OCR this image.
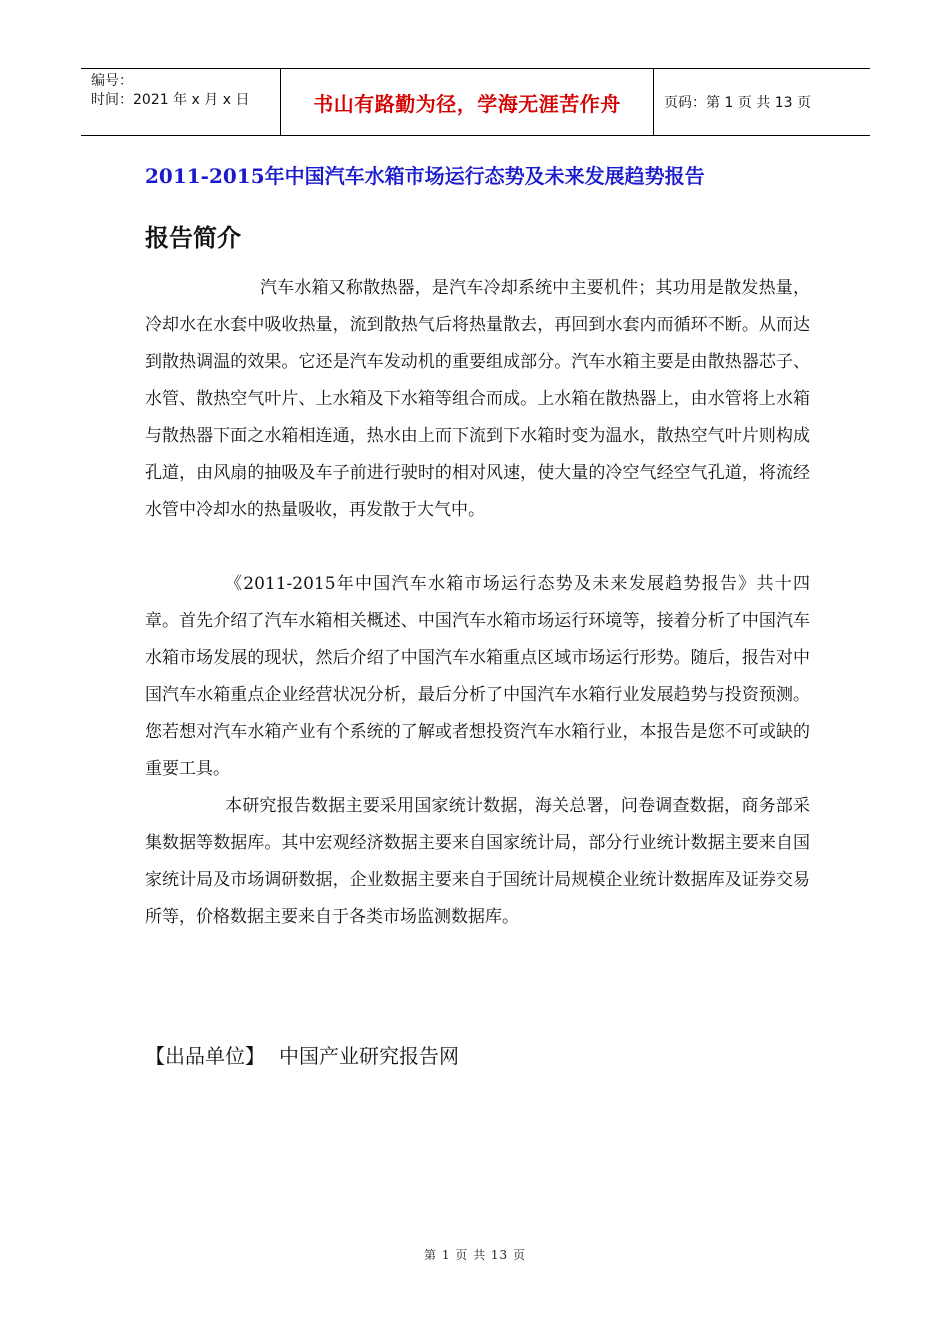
编号：
时间：2021 年 x 月 x 日	书山有路勤为径，学海无涯苦作舟	页码：第 1 页 共 13 页
2011-2015年中国汽车水箱市场运行态势及未来发展趋势报告
报告简介
汽车水箱又称散热器，是汽车冷却系统中主要机件；其功用是散发热量，冷却水在水套中吸收热量，流到散热气后将热量散去，再回到水套内而循环不断。从而达到散热调温的效果。它还是汽车发动机的重要组成部分。汽车水箱主要是由散热器芯子、水管、散热空气叶片、上水箱及下水箱等组合而成。上水箱在散热器上，由水管将上水箱与散热器下面之水箱相连通，热水由上而下流到下水箱时变为温水，散热空气叶片则构成孔道，由风扇的抽吸及车子前进行驶时的相对风速，使大量的冷空气经空气孔道，将流经水管中冷却水的热量吸收，再发散于大气中。
《2011-2015年中国汽车水箱市场运行态势及未来发展趋势报告》共十四章。首先介绍了汽车水箱相关概述、中国汽车水箱市场运行环境等，接着分析了中国汽车水箱市场发展的现状，然后介绍了中国汽车水箱重点区域市场运行形势。随后，报告对中国汽车水箱重点企业经营状况分析，最后分析了中国汽车水箱行业发展趋势与投资预测。您若想对汽车水箱产业有个系统的了解或者想投资汽车水箱行业，本报告是您不可或缺的重要工具。
本研究报告数据主要采用国家统计数据，海关总署，问卷调查数据，商务部采集数据等数据库。其中宏观经济数据主要来自国家统计局，部分行业统计数据主要来自国家统计局及市场调研数据，企业数据主要来自于国统计局规模企业统计数据库及证券交易所等，价格数据主要来自于各类市场监测数据库。
【出品单位】 中国产业研究报告网
第 1 页 共 13 页
